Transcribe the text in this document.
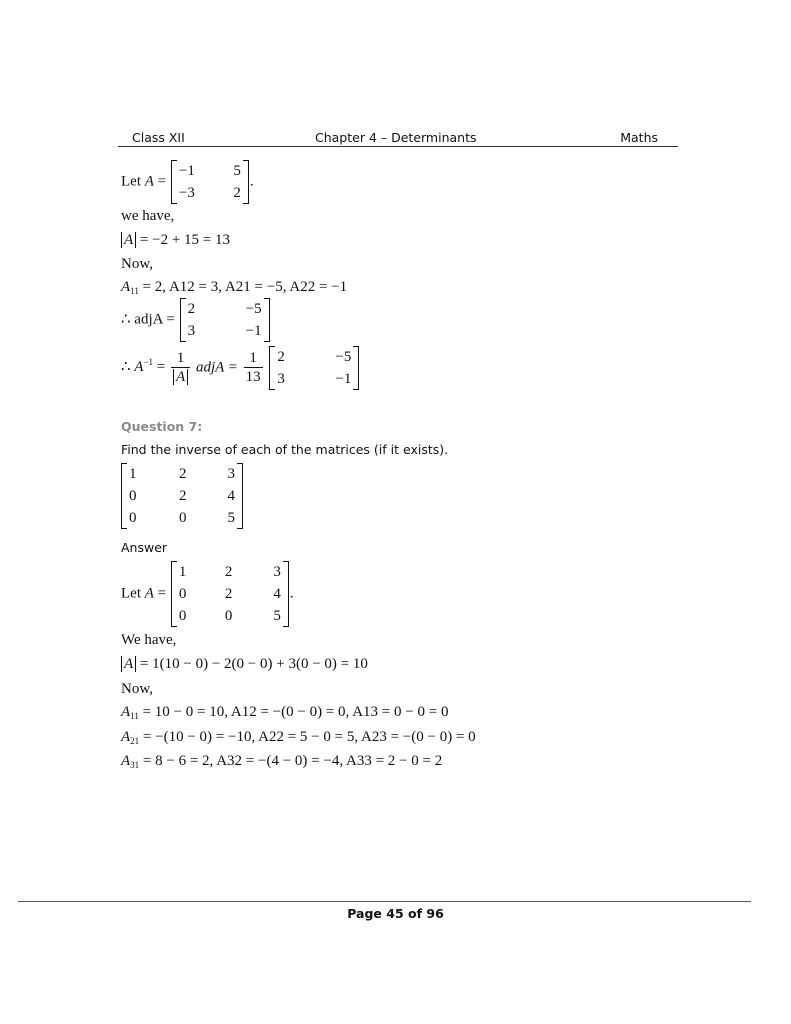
Class XII	Chapter 4 – Determinants	Maths
Let A =
−1	5
−3	2
.
we have,
A = −2 + 15 = 13
Now,
$A_{11} = 2$, A12 = 3, A21 = −5, A22 = −1
∴ adjA =
2	−5
3	−1
∴ $A^{-1} = \frac{1}{A}$ adjA = $\frac{1}{13}$
2	−5
3	−1
Question 7:
Find the inverse of each of the matrices (if it exists).
1	2	3
0	2	4
0	0	5
Answer
Let A =
1	2	3
0	2	4
0	0	5
.
We have,
A = 1(10 − 0) − 2(0 − 0) + 3(0 − 0) = 10
Now,
$A_{11} = 10 - 0 = 10$, A12 = −(0 − 0) = 0, A13 = 0 − 0 = 0
$A_{21} = -(10 - 0) = -10$, A22 = 5 − 0 = 5, A23 = −(0 − 0) = 0
$A_{31} = 8 - 6 = 2$, A32 = −(4 − 0) = −4, A33 = 2 − 0 = 2
Page 45 of 96
